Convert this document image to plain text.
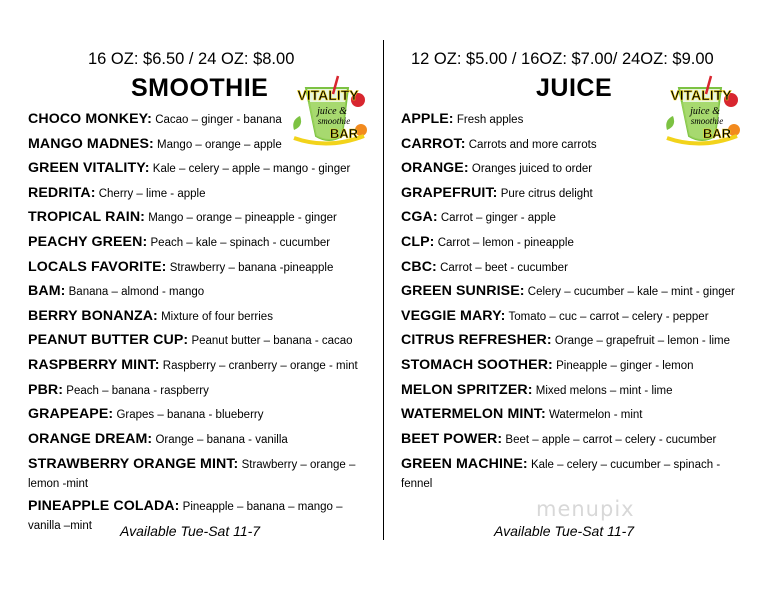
16 OZ: $6.50 / 24 OZ: $8.00
SMOOTHIE VITALITY
juice &
smoothie
BAR
CHOCO MONKEY: Cacao – ginger - banana
MANGO MADNES: Mango – orange – apple
GREEN VITALITY: Kale – celery – apple – mango - ginger
REDRITA: Cherry – lime - apple
TROPICAL RAIN: Mango – orange – pineapple - ginger
PEACHY GREEN: Peach – kale – spinach - cucumber
LOCALS FAVORITE: Strawberry – banana -pineapple
BAM: Banana – almond - mango
BERRY BONANZA: Mixture of four berries
PEANUT BUTTER CUP: Peanut butter – banana - cacao
RASPBERRY MINT: Raspberry – cranberry – orange - mint
PBR: Peach – banana - raspberry
GRAPEAPE: Grapes – banana - blueberry
ORANGE DREAM: Orange – banana - vanilla
STRAWBERRY ORANGE MINT: Strawberry – orange – lemon -mint
PINEAPPLE COLADA: Pineapple – banana – mango – vanilla –mint	Available Tue-Sat 11-7
12 OZ: $5.00 / 16OZ: $7.00/ 24OZ: $9.00
JUICE	VITALITY
juice &
smoothie
BAR
APPLE: Fresh apples
CARROT: Carrots and more carrots
ORANGE: Oranges juiced to order
GRAPEFRUIT: Pure citrus delight
CGA: Carrot – ginger - apple
CLP: Carrot – lemon - pineapple
CBC: Carrot – beet - cucumber
GREEN SUNRISE: Celery – cucumber – kale – mint - ginger
VEGGIE MARY: Tomato – cuc – carrot – celery - pepper
CITRUS REFRESHER: Orange – grapefruit – lemon - lime
STOMACH SOOTHER: Pineapple – ginger - lemon
MELON SPRITZER: Mixed melons – mint - lime
WATERMELON MINT: Watermelon - mint
BEET POWER: Beet – apple – carrot – celery - cucumber
GREEN MACHINE: Kale – celery – cucumber – spinach - fennel
Available Tue-Sat 11-7
menupix
